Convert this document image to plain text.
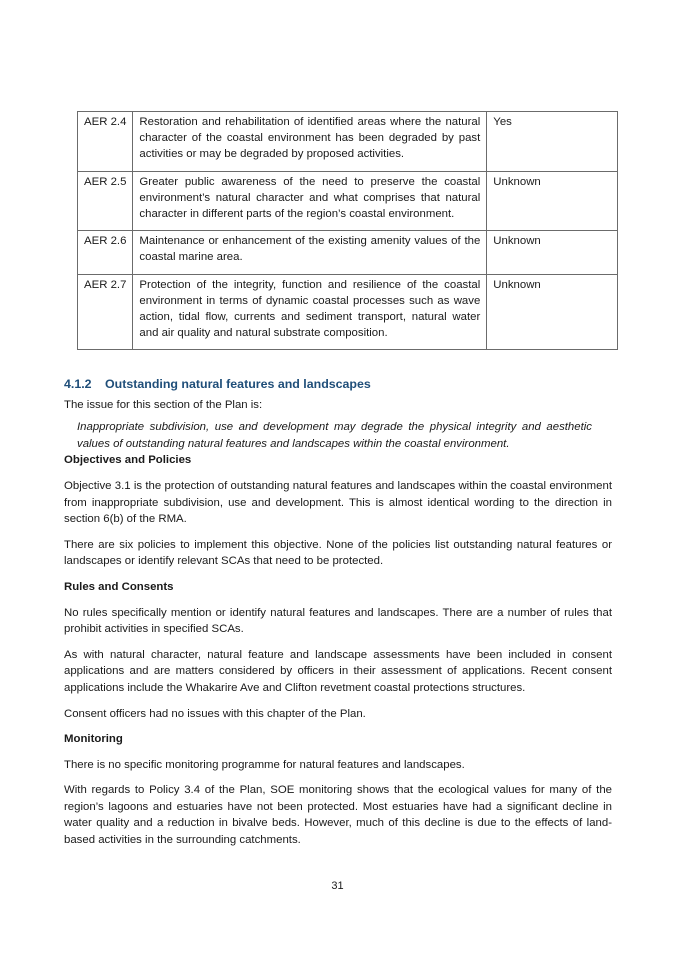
AER 2.4	Restoration and rehabilitation of identified areas where the natural character of the coastal environment has been degraded by past activities or may be degraded by proposed activities.	Yes
AER 2.5	Greater public awareness of the need to preserve the coastal environment’s natural character and what comprises that natural character in different parts of the region’s coastal environment.	Unknown
AER 2.6	Maintenance or enhancement of the existing amenity values of the coastal marine area.	Unknown
AER 2.7	Protection of the integrity, function and resilience of the coastal environment in terms of dynamic coastal processes such as wave action, tidal flow, currents and sediment transport, natural water and air quality and natural substrate composition.	Unknown
4.1.2 Outstanding natural features and landscapes

The issue for this section of the Plan is:

Inappropriate subdivision, use and development may degrade the physical integrity and aesthetic values of outstanding natural features and landscapes within the coastal environment.

Objectives and Policies

Objective 3.1 is the protection of outstanding natural features and landscapes within the coastal environment from inappropriate subdivision, use and development. This is almost identical wording to the direction in section 6(b) of the RMA.

There are six policies to implement this objective. None of the policies list outstanding natural features or landscapes or identify relevant SCAs that need to be protected.

Rules and Consents

No rules specifically mention or identify natural features and landscapes. There are a number of rules that prohibit activities in specified SCAs.

As with natural character, natural feature and landscape assessments have been included in consent applications and are matters considered by officers in their assessment of applications. Recent consent applications include the Whakarire Ave and Clifton revetment coastal protections structures.

Consent officers had no issues with this chapter of the Plan.

Monitoring

There is no specific monitoring programme for natural features and landscapes.

With regards to Policy 3.4 of the Plan, SOE monitoring shows that the ecological values for many of the region’s lagoons and estuaries have not been protected. Most estuaries have had a significant decline in water quality and a reduction in bivalve beds. However, much of this decline is due to the effects of land-based activities in the surrounding catchments.

31
